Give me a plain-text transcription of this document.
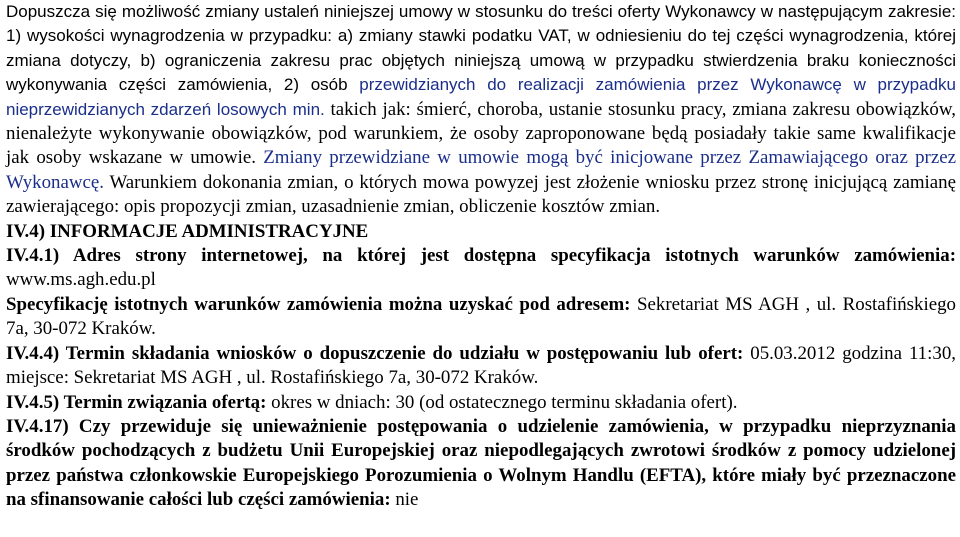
Dopuszcza się możliwość zmiany ustaleń niniejszej umowy w stosunku do treści oferty Wykonawcy w następującym zakresie: 1) wysokości wynagrodzenia w przypadku: a) zmiany stawki podatku VAT, w odniesieniu do tej części wynagrodzenia, której zmiana dotyczy, b) ograniczenia zakresu prac objętych niniejszą umową w przypadku stwierdzenia braku konieczności wykonywania części zamówienia, 2) osób przewidzianych do realizacji zamówienia przez Wykonawcę w przypadku nieprzewidzianych zdarzeń losowych min. takich jak: śmierć, choroba, ustanie stosunku pracy, zmiana zakresu obowiązków, nienależyte wykonywanie obowiązków, pod warunkiem, że osoby zaproponowane będą posiadały takie same kwalifikacje jak osoby wskazane w umowie. Zmiany przewidziane w umowie mogą być inicjowane przez Zamawiającego oraz przez Wykonawcę. Warunkiem dokonania zmian, o których mowa powyzej jest złożenie wniosku przez stronę inicjującą zamianę zawierającego: opis propozycji zmian, uzasadnienie zmian, obliczenie kosztów zmian.

IV.4) INFORMACJE ADMINISTRACYJNE

IV.4.1) Adres strony internetowej, na której jest dostępna specyfikacja istotnych warunków zamówienia: www.ms.agh.edu.pl

Specyfikację istotnych warunków zamówienia można uzyskać pod adresem: Sekretariat MS AGH , ul. Rostafińskiego 7a, 30-072 Kraków.

IV.4.4) Termin składania wniosków o dopuszczenie do udziału w postępowaniu lub ofert: 05.03.2012 godzina 11:30, miejsce: Sekretariat MS AGH , ul. Rostafińskiego 7a, 30-072 Kraków.

IV.4.5) Termin związania ofertą: okres w dniach: 30 (od ostatecznego terminu składania ofert).

IV.4.17) Czy przewiduje się unieważnienie postępowania o udzielenie zamówienia, w przypadku nieprzyznania środków pochodzących z budżetu Unii Europejskiej oraz niepodlegających zwrotowi środków z pomocy udzielonej przez państwa członkowskie Europejskiego Porozumienia o Wolnym Handlu (EFTA), które miały być przeznaczone na sfinansowanie całości lub części zamówienia: nie
